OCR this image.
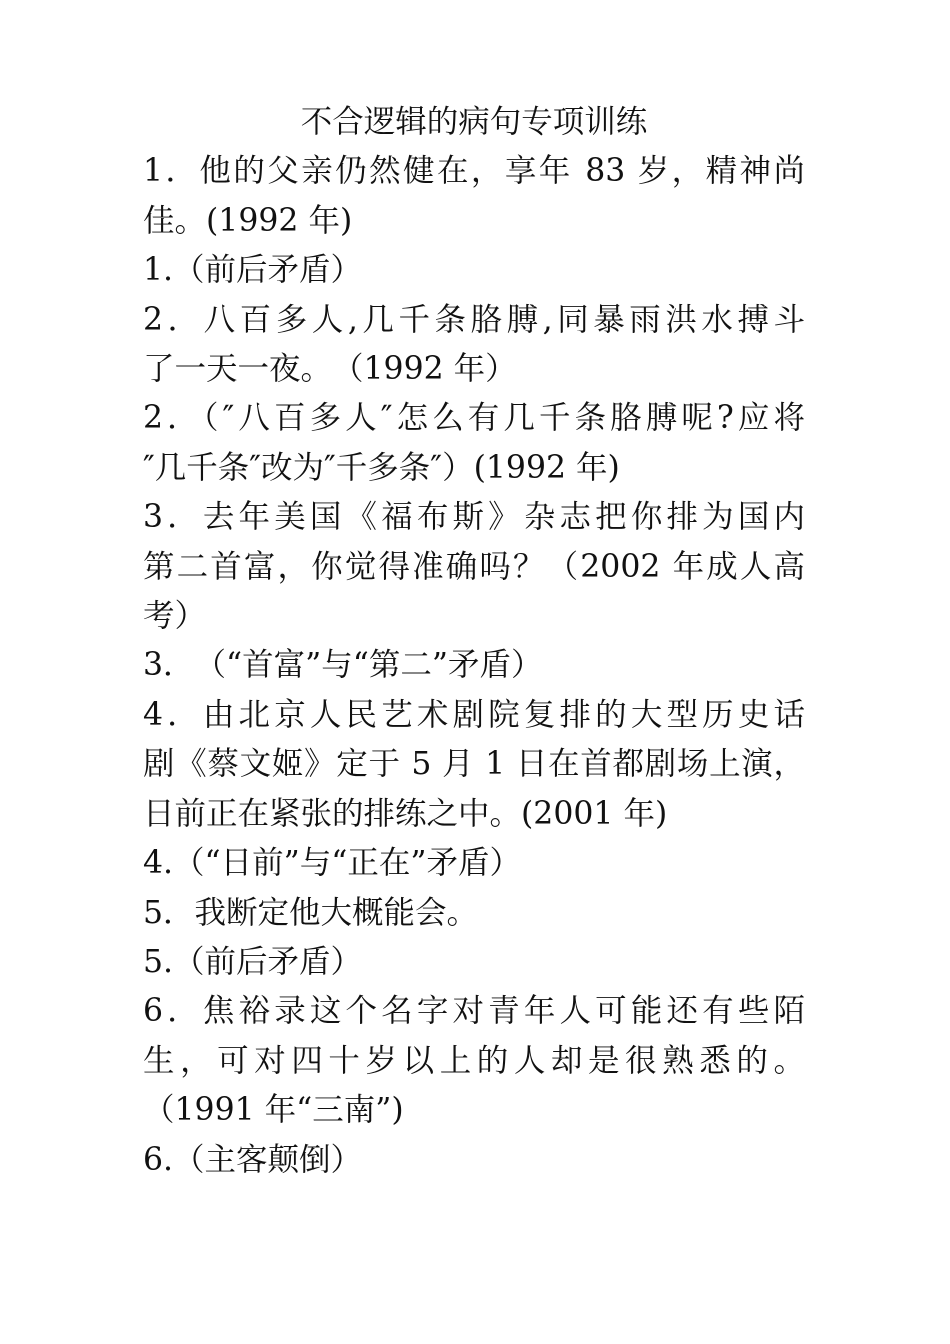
不合逻辑的病句专项训练

1．他的父亲仍然健在，享年 83 岁，精神尚

佳。(1992 年)

1.（前后矛盾）

2．八百多人,几千条胳膊,同暴雨洪水搏斗

了一天一夜。　（1992 年）

2．（″八百多人″怎么有几千条胳膊呢?应将

″几千条″改为″千多条″）(1992 年)

3．去年美国《福布斯》杂志把你排为国内

第二首富，你觉得准确吗？（2002 年成人高

考）

3．　（“首富”与“第二”矛盾）

4．由北京人民艺术剧院复排的大型历史话

剧《蔡文姬》定于 5 月 1 日在首都剧场上演，

日前正在紧张的排练之中。(2001 年)

4.（“日前”与“正在”矛盾）

5．我断定他大概能会。

5.（前后矛盾）

6．焦裕录这个名字对青年人可能还有些陌

生，可对四十岁以上的人却是很熟悉的。

（1991 年“三南”)

6.（主客颠倒）
